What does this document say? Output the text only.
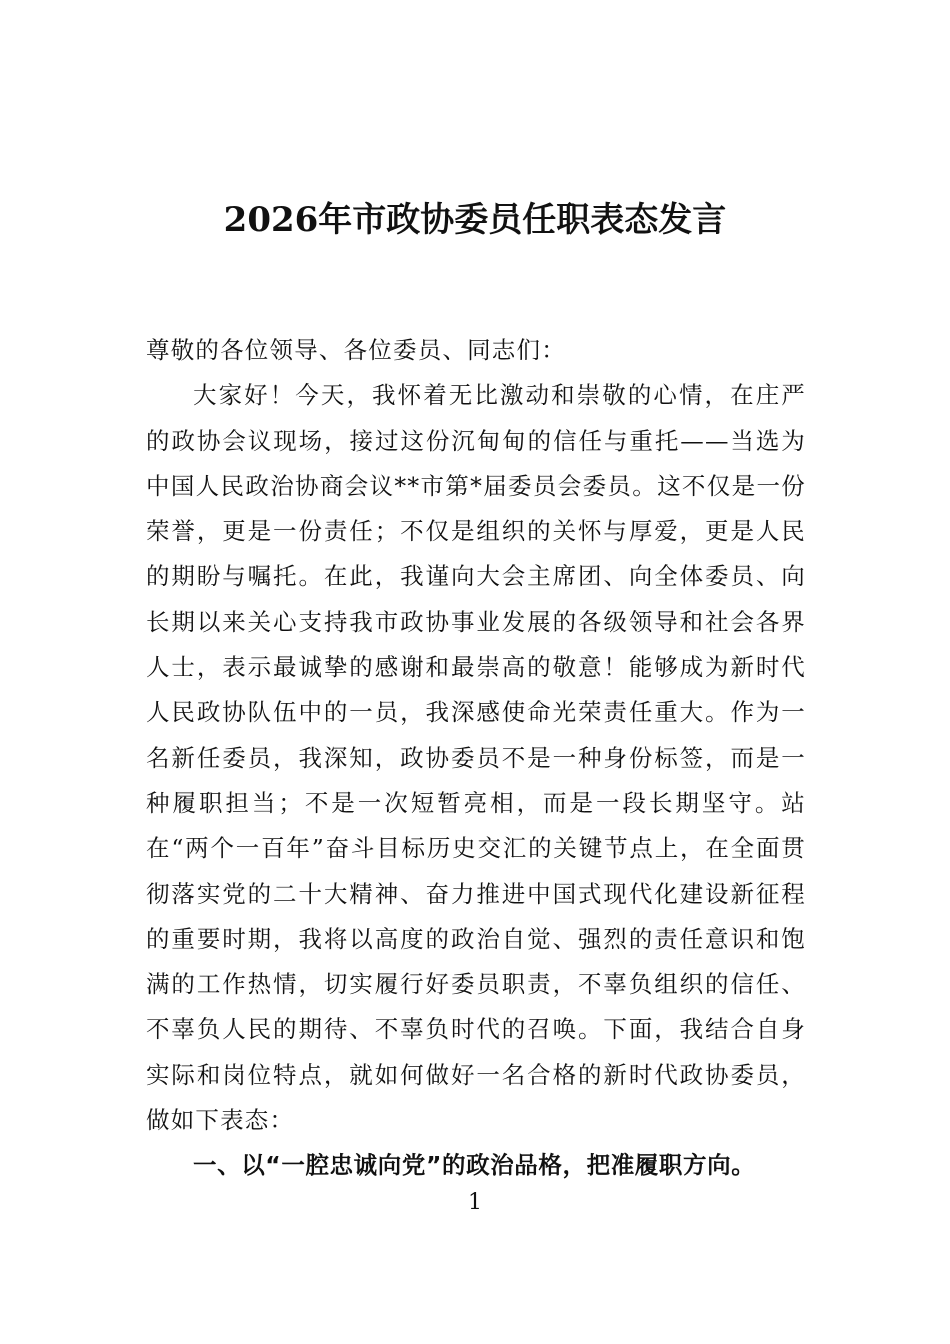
2026年市政协委员任职表态发言

尊敬的各位领导、各位委员、同志们：

大家好！今天，我怀着无比激动和崇敬的心情，在庄严的政协会议现场，接过这份沉甸甸的信任与重托——当选为中国人民政治协商会议**市第*届委员会委员。这不仅是一份荣誉，更是一份责任；不仅是组织的关怀与厚爱，更是人民的期盼与嘱托。在此，我谨向大会主席团、向全体委员、向长期以来关心支持我市政协事业发展的各级领导和社会各界人士，表示最诚挚的感谢和最崇高的敬意！能够成为新时代人民政协队伍中的一员，我深感使命光荣责任重大。作为一名新任委员，我深知，政协委员不是一种身份标签，而是一种履职担当；不是一次短暂亮相，而是一段长期坚守。站在“两个一百年”奋斗目标历史交汇的关键节点上，在全面贯彻落实党的二十大精神、奋力推进中国式现代化建设新征程的重要时期，我将以高度的政治自觉、强烈的责任意识和饱满的工作热情，切实履行好委员职责，不辜负组织的信任、不辜负人民的期待、不辜负时代的召唤。下面，我结合自身实际和岗位特点，就如何做好一名合格的新时代政协委员，做如下表态：

一、以“一腔忠诚向党”的政治品格，把准履职方向。

1
